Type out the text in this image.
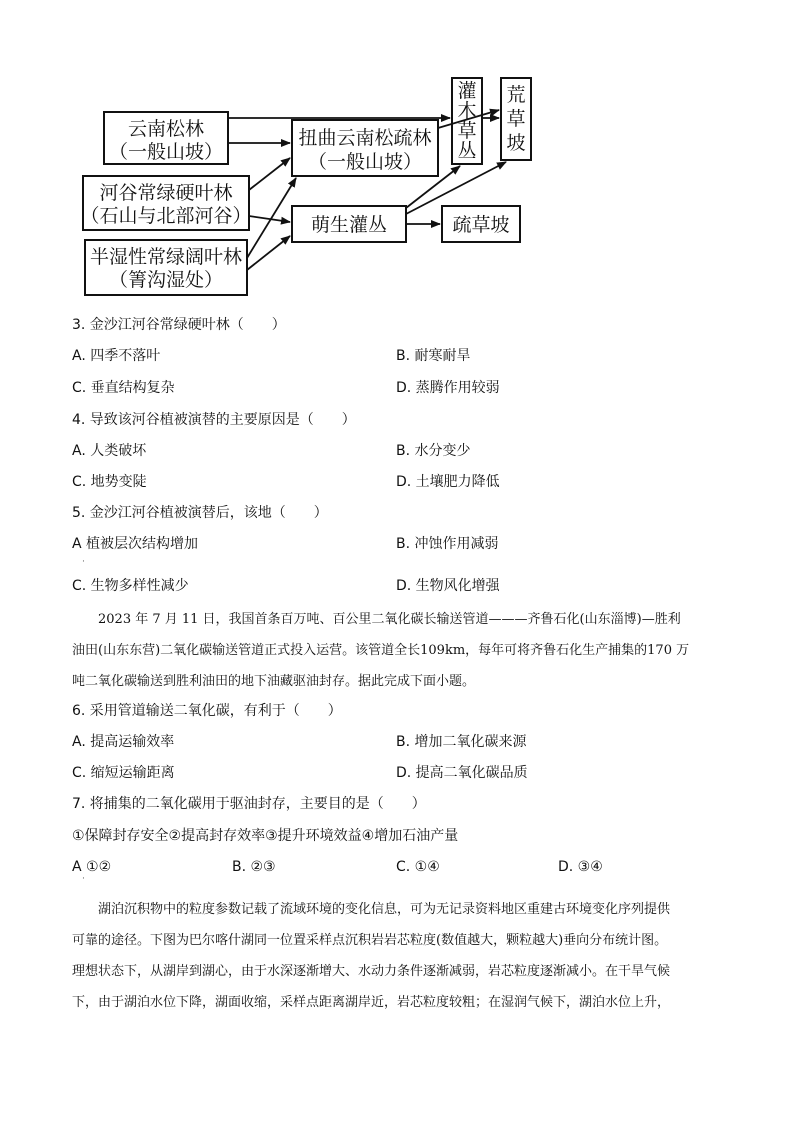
云南松林
（一般山坡）
河谷常绿硬叶林
（石山与北部河谷）
半湿性常绿阔叶林
（箐沟湿处）
扭曲云南松疏林
（一般山坡）
萌生灌丛
灌
木
草
丛
荒
草
坡
疏草坡
3. 金沙江河谷常绿硬叶林（　　）
A. 四季不落叶	B. 耐寒耐旱
C. 垂直结构复杂	D. 蒸腾作用较弱
4. 导致该河谷植被演替的主要原因是（　　）
A. 人类破坏	B. 水分变少
C. 地势变陡	D. 土壤肥力降低
5. 金沙江河谷植被演替后，该地（　　）
A 植被层次结构增加	B. 冲蚀作用减弱
·
C. 生物多样性减少	D. 生物风化增强
2023 年 7 月 11 日，我国首条百万吨、百公里二氧化碳长输送管道———齐鲁石化(山东淄博)—胜利
油田(山东东营)二氧化碳输送管道正式投入运营。该管道全长109km，每年可将齐鲁石化生产捕集的170 万
吨二氧化碳输送到胜利油田的地下油藏驱油封存。据此完成下面小题。
6. 采用管道输送二氧化碳，有利于（　　）
A. 提高运输效率	B. 增加二氧化碳来源
C. 缩短运输距离	D. 提高二氧化碳品质
7. 将捕集的二氧化碳用于驱油封存，主要目的是（　　）
①保障封存安全②提高封存效率③提升环境效益④增加石油产量
A ①②	B. ②③	C. ①④	D. ③④
·
湖泊沉积物中的粒度参数记载了流域环境的变化信息，可为无记录资料地区重建古环境变化序列提供
可靠的途径。下图为巴尔喀什湖同一位置采样点沉积岩岩芯粒度(数值越大，颗粒越大)垂向分布统计图。
理想状态下，从湖岸到湖心，由于水深逐渐增大、水动力条件逐渐减弱，岩芯粒度逐渐减小。在干旱气候
下，由于湖泊水位下降，湖面收缩，采样点距离湖岸近，岩芯粒度较粗；在湿润气候下，湖泊水位上升，
